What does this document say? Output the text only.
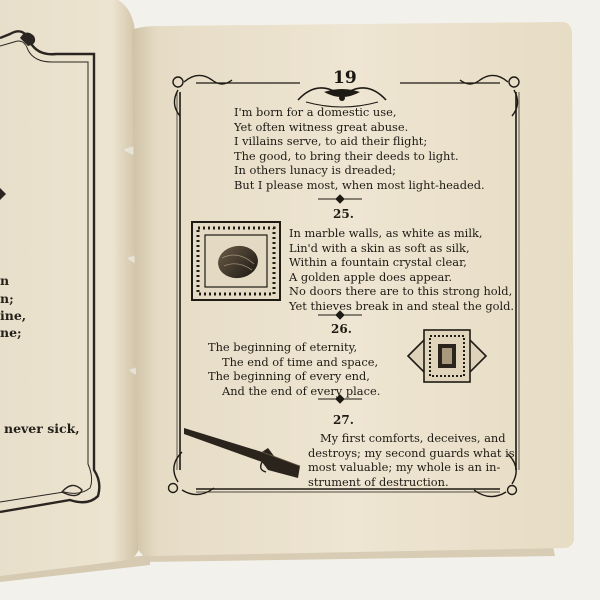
19
I'm born for a domestic use,
Yet often witness great abuse.
I villains serve, to aid their flight;
The good, to bring their deeds to light.
In others lunacy is dreaded;
But I please most, when most light-headed.
25.
In marble walls, as white as milk,
Lin'd with a skin as soft as silk,
Within a fountain crystal clear,
A golden apple does appear.
No doors there are to this strong hold,
Yet thieves break in and steal the gold.
26.
The beginning of eternity,
The end of time and space,
The beginning of every end,
And the end of every place.
27.
My first comforts, deceives, and
destroys; my second guards what is
most valuable; my whole is an in-
strument of destruction.
n
n;
ine,
ne;
never sick,
